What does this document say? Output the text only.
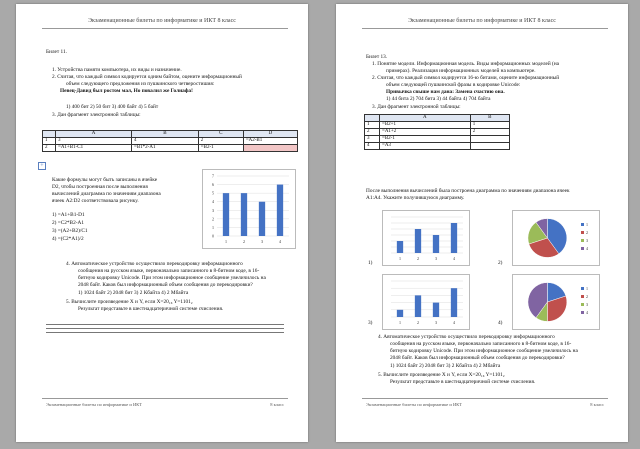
Экзаменационные билеты по информатике и ИКТ 8 класс
Билет 11.
1. Устройства памяти компьютера, их виды и назначение.
2. Считая, что каждый символ кодируется одним байтом, оцените информационный
объем следующего предложения из пушкинского четверостишия:
Певец-Давид был ростом мал, Но повалил же Голиафа!
1) 400 бит 2) 50 бит 3) 400 байт 4) 5 байт
3. Дан фрагмент электронной таблицы:
	A	B	C	D
1	3	4	2	=A2-B1
2	=A1+B1-C1	=B1*2-A1	=B2-1	
+
Какие формулы могут быть записаны в ячейке
D2, чтобы построенная после выполнения
вычислений диаграмма по значениям диапазона
ячеек A2:D2 соответствовала рисунку.
1) =A1+B1-D1
2) =C2*B2-A1
3) =(A2+B2)/C1
4) =(C2*A1)/2	0
1
2
3
4
5
6
7
1	2	3	4
4. Автоматическое устройство осуществило перекодировку информационного
сообщения на русском языке, первоначально записанного в 8-битном коде, в 16-
битную кодировку Unicode. При этом информационное сообщение увеличилось на
2048 байт. Каков был информационный объем сообщения до перекодировки?
1) 1024 байт 2) 2048 бит 3) 2 Кбайта 4) 2 Мбайта
5. Вычислите произведение X и Y, если X=20₁₆ Y=1101₂
Результат представьте в шестнадцатеричной системе счисления.
Экзаменационные билеты по информатике и ИКТ	8 класс
Экзаменационные билеты по информатике и ИКТ 8 класс
Билет 13.
1. Понятие модели. Информационная модель. Виды информационных моделей (на
примерах). Реализация информационных моделей на компьютере.
2. Считая, что каждый символ кодируется 16-ю битами, оцените информационный
объем следующей пушкинской фразы в кодировке Unicode:
Привычка свыше нам дана: Замена счастию она.
1) 44 бита 2) 704 бита 3) 44 байта 4) 704 байта
3. Дан фрагмент электронной таблицы:
	A	B
1	=B2+1	1
2	=A1+2	2
3	=B2-1	
4	=A3	
После выполнения вычислений была построена диаграмма по значениям диапазона ячеек
A1:A4. Укажите получившуюся диаграмму.
1	2	3	4
1
2
3
4
1	2	3	4
1
2
3
4
1)	2)
3)	4)
4. Автоматическое устройство осуществило перекодировку информационного
сообщения на русском языке, первоначально записанного в 8-битном коде, в 16-
битную кодировку Unicode. При этом информационное сообщение увеличилось на
2048 байт. Каков был информационный объем сообщения до перекодировки?
1) 1024 байт 2) 2048 бит 3) 2 Кбайта 4) 2 Мбайта
5. Вычислите произведение X и Y, если X=20₁₆ Y=1101₂
Результат представьте в шестнадцатеричной системе счисления.
Экзаменационные билеты по информатике и ИКТ	8 класс
